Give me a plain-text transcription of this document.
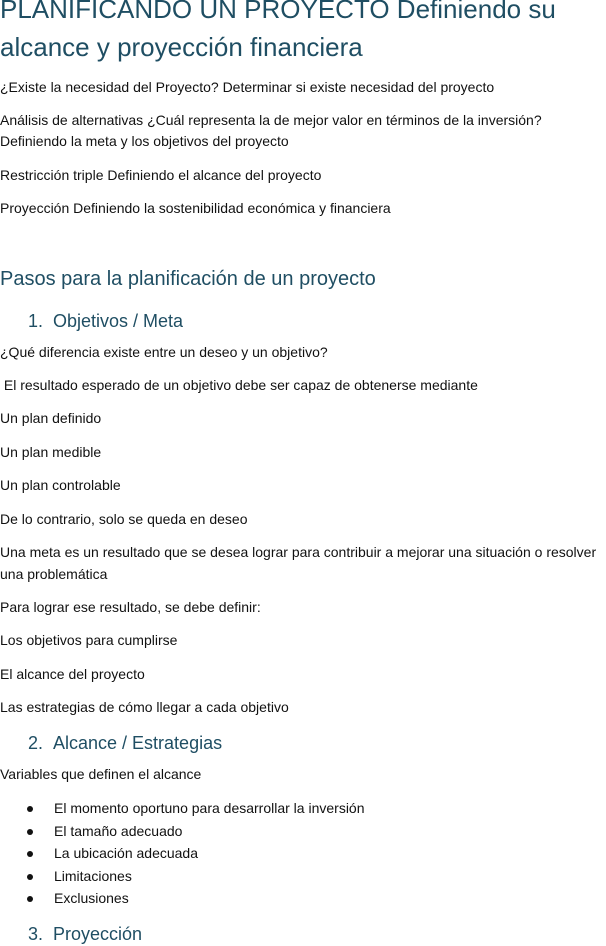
PLANIFICANDO UN PROYECTO Definiendo su alcance y proyección financiera

¿Existe la necesidad del Proyecto? Determinar si existe necesidad del proyecto

Análisis de alternativas ¿Cuál representa la de mejor valor en términos de la inversión?

Definiendo la meta y los objetivos del proyecto

Restricción triple Definiendo el alcance del proyecto

Proyección Definiendo la sostenibilidad económica y financiera

Pasos para la planificación de un proyecto
1. Objetivos / Meta

¿Qué diferencia existe entre un deseo y un objetivo?

El resultado esperado de un objetivo debe ser capaz de obtenerse mediante

Un plan definido

Un plan medible

Un plan controlable

De lo contrario, solo se queda en deseo

Una meta es un resultado que se desea lograr para contribuir a mejorar una situación o resolver una problemática

Para lograr ese resultado, se debe definir:

Los objetivos para cumplirse

El alcance del proyecto

Las estrategias de cómo llegar a cada objetivo

2. Alcance / Estrategias

Variables que definen el alcance

El momento oportuno para desarrollar la inversión
El tamaño adecuado
La ubicación adecuada
Limitaciones
Exclusiones
3. Proyección
